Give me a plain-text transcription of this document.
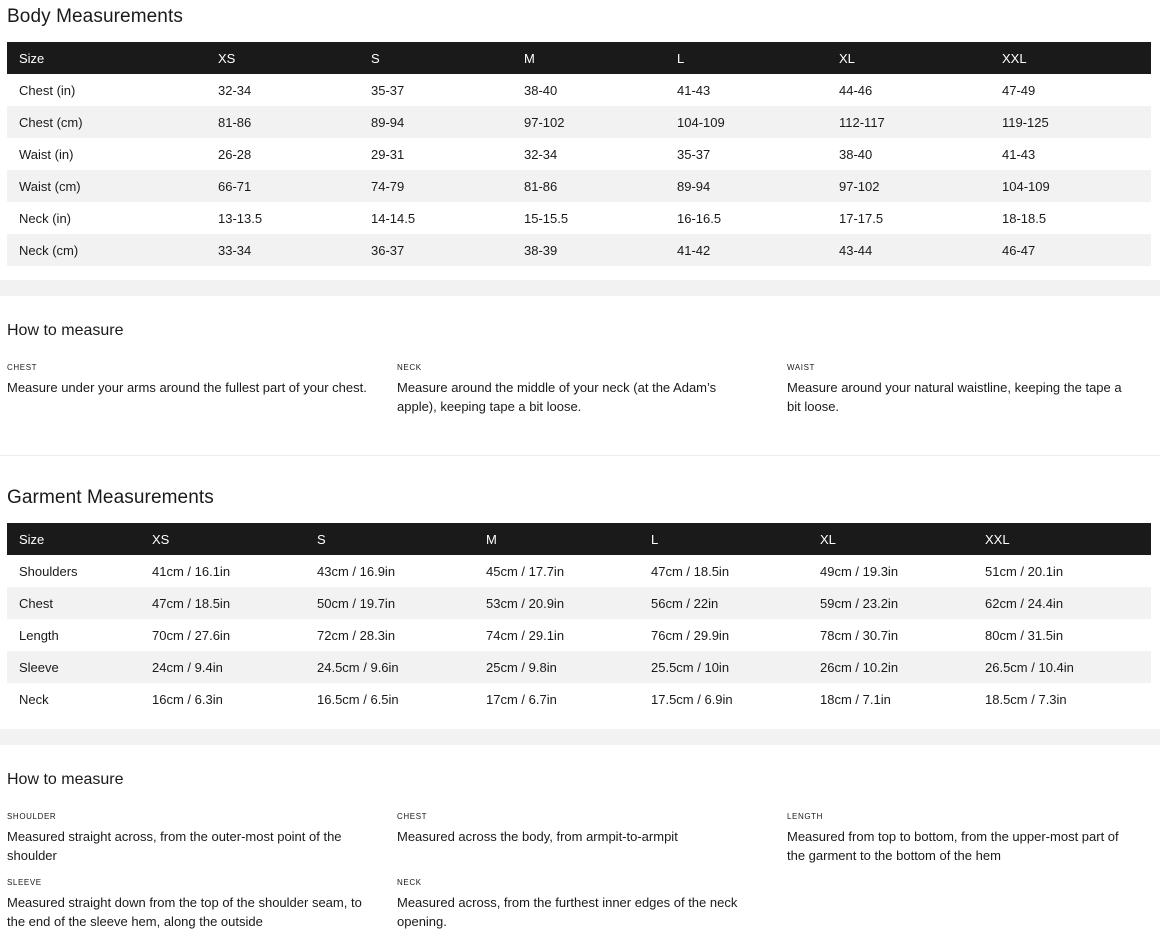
Body Measurements
Size	XS	S	M	L	XL	XXL
Chest (in)	32-34	35-37	38-40	41-43	44-46	47-49
Chest (cm)	81-86	89-94	97-102	104-109	112-117	119-125
Waist (in)	26-28	29-31	32-34	35-37	38-40	41-43
Waist (cm)	66-71	74-79	81-86	89-94	97-102	104-109
Neck (in)	13-13.5	14-14.5	15-15.5	16-16.5	17-17.5	18-18.5
Neck (cm)	33-34	36-37	38-39	41-42	43-44	46-47
How to measure
CHEST
Measure under your arms around the fullest part of your chest.
NECK
Measure around the middle of your neck (at the Adam’s apple), keeping tape a bit loose.
WAIST
Measure around your natural waistline, keeping the tape a bit loose.
Garment Measurements
Size	XS	S	M	L	XL	XXL
Shoulders	41cm / 16.1in	43cm / 16.9in	45cm / 17.7in	47cm / 18.5in	49cm / 19.3in	51cm / 20.1in
Chest	47cm / 18.5in	50cm / 19.7in	53cm / 20.9in	56cm / 22in	59cm / 23.2in	62cm / 24.4in
Length	70cm / 27.6in	72cm / 28.3in	74cm / 29.1in	76cm / 29.9in	78cm / 30.7in	80cm / 31.5in
Sleeve	24cm / 9.4in	24.5cm / 9.6in	25cm / 9.8in	25.5cm / 10in	26cm / 10.2in	26.5cm / 10.4in
Neck	16cm / 6.3in	16.5cm / 6.5in	17cm / 6.7in	17.5cm / 6.9in	18cm / 7.1in	18.5cm / 7.3in
How to measure
SHOULDER
Measured straight across, from the outer-most point of the shoulder
CHEST
Measured across the body, from armpit-to-armpit
LENGTH
Measured from top to bottom, from the upper-most part of the garment to the bottom of the hem
SLEEVE
Measured straight down from the top of the shoulder seam, to the end of the sleeve hem, along the outside
NECK
Measured across, from the furthest inner edges of the neck opening.
